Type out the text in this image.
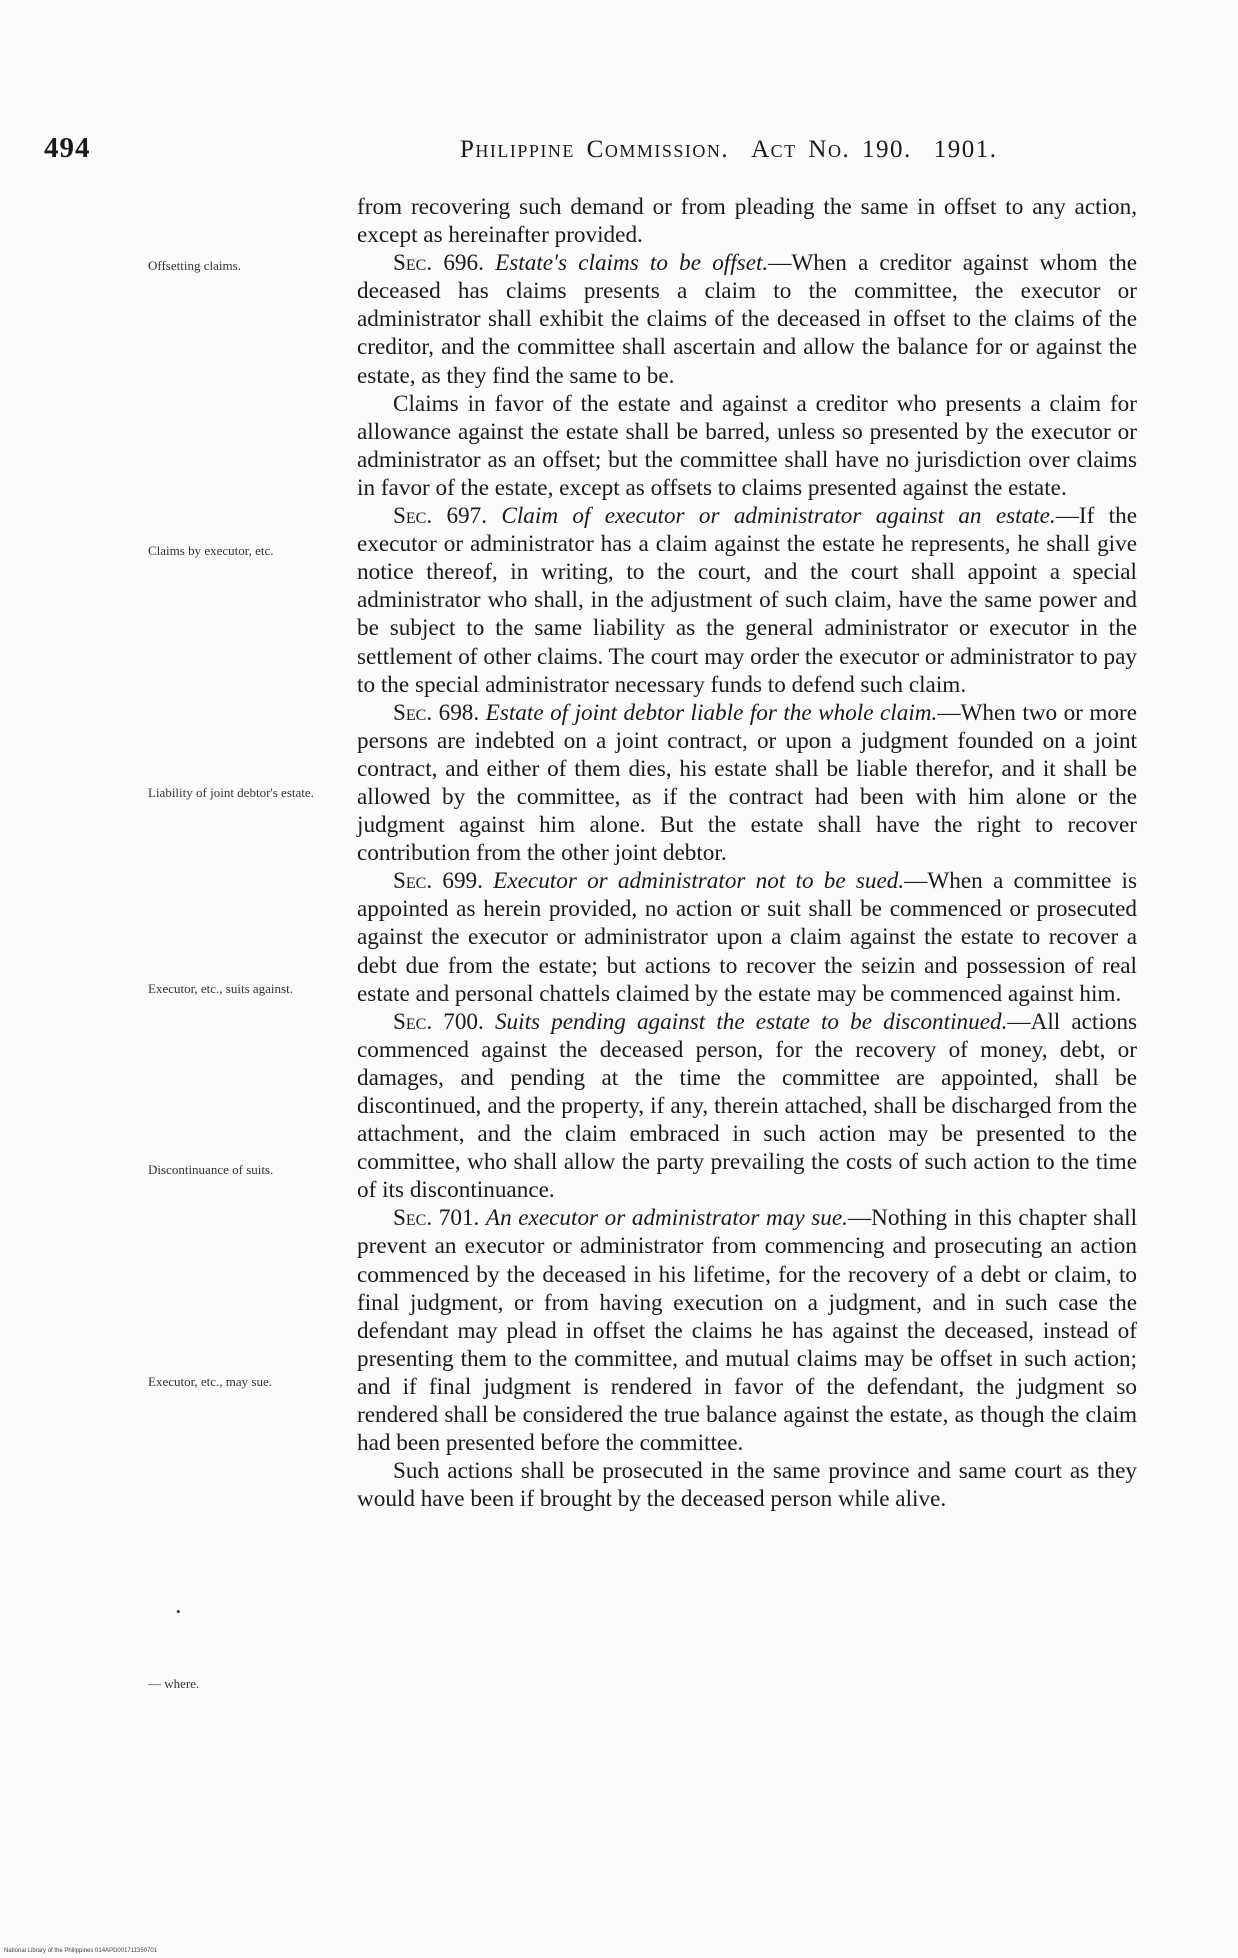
494	Philippine Commission. Act No. 190. 1901.
Offsetting claims.
Claims by executor, etc.
Liability of joint debtor's estate.
Executor, etc., suits against.
Discontinuance of suits.
Executor, etc., may sue.
•
— where.

from recovering such demand or from pleading the same in offset to any action, except as hereinafter provided.

Sec. 696. Estate's claims to be offset.—When a creditor against whom the deceased has claims presents a claim to the committee, the executor or administrator shall exhibit the claims of the deceased in offset to the claims of the creditor, and the committee shall ascertain and allow the balance for or against the estate, as they find the same to be.

Claims in favor of the estate and against a creditor who presents a claim for allowance against the estate shall be barred, unless so presented by the executor or administrator as an offset; but the committee shall have no jurisdiction over claims in favor of the estate, except as offsets to claims presented against the estate.

Sec. 697. Claim of executor or administrator against an estate.—If the executor or administrator has a claim against the estate he represents, he shall give notice thereof, in writing, to the court, and the court shall appoint a special administrator who shall, in the adjustment of such claim, have the same power and be subject to the same liability as the general administrator or executor in the settlement of other claims. The court may order the executor or administrator to pay to the special administrator necessary funds to defend such claim.

Sec. 698. Estate of joint debtor liable for the whole claim.—When two or more persons are indebted on a joint contract, or upon a judgment founded on a joint contract, and either of them dies, his estate shall be liable therefor, and it shall be allowed by the committee, as if the contract had been with him alone or the judgment against him alone. But the estate shall have the right to recover contribution from the other joint debtor.

Sec. 699. Executor or administrator not to be sued.—When a committee is appointed as herein provided, no action or suit shall be commenced or prosecuted against the executor or administrator upon a claim against the estate to recover a debt due from the estate; but actions to recover the seizin and possession of real estate and personal chattels claimed by the estate may be commenced against him.

Sec. 700. Suits pending against the estate to be discontinued.—All actions commenced against the deceased person, for the recovery of money, debt, or damages, and pending at the time the committee are appointed, shall be discontinued, and the property, if any, therein attached, shall be discharged from the attachment, and the claim embraced in such action may be presented to the committee, who shall allow the party prevailing the costs of such action to the time of its discontinuance.

Sec. 701. An executor or administrator may sue.—Nothing in this chapter shall prevent an executor or administrator from commencing and prosecuting an action commenced by the deceased in his lifetime, for the recovery of a debt or claim, to final judgment, or from having execution on a judgment, and in such case the defendant may plead in offset the claims he has against the deceased, instead of presenting them to the committee, and mutual claims may be offset in such action; and if final judgment is rendered in favor of the defendant, the judgment so rendered shall be considered the true balance against the estate, as though the claim had been presented before the committee.

Such actions shall be prosecuted in the same province and same court as they would have been if brought by the deceased person while alive.

National Library of the Philippines 014APD001711350701
